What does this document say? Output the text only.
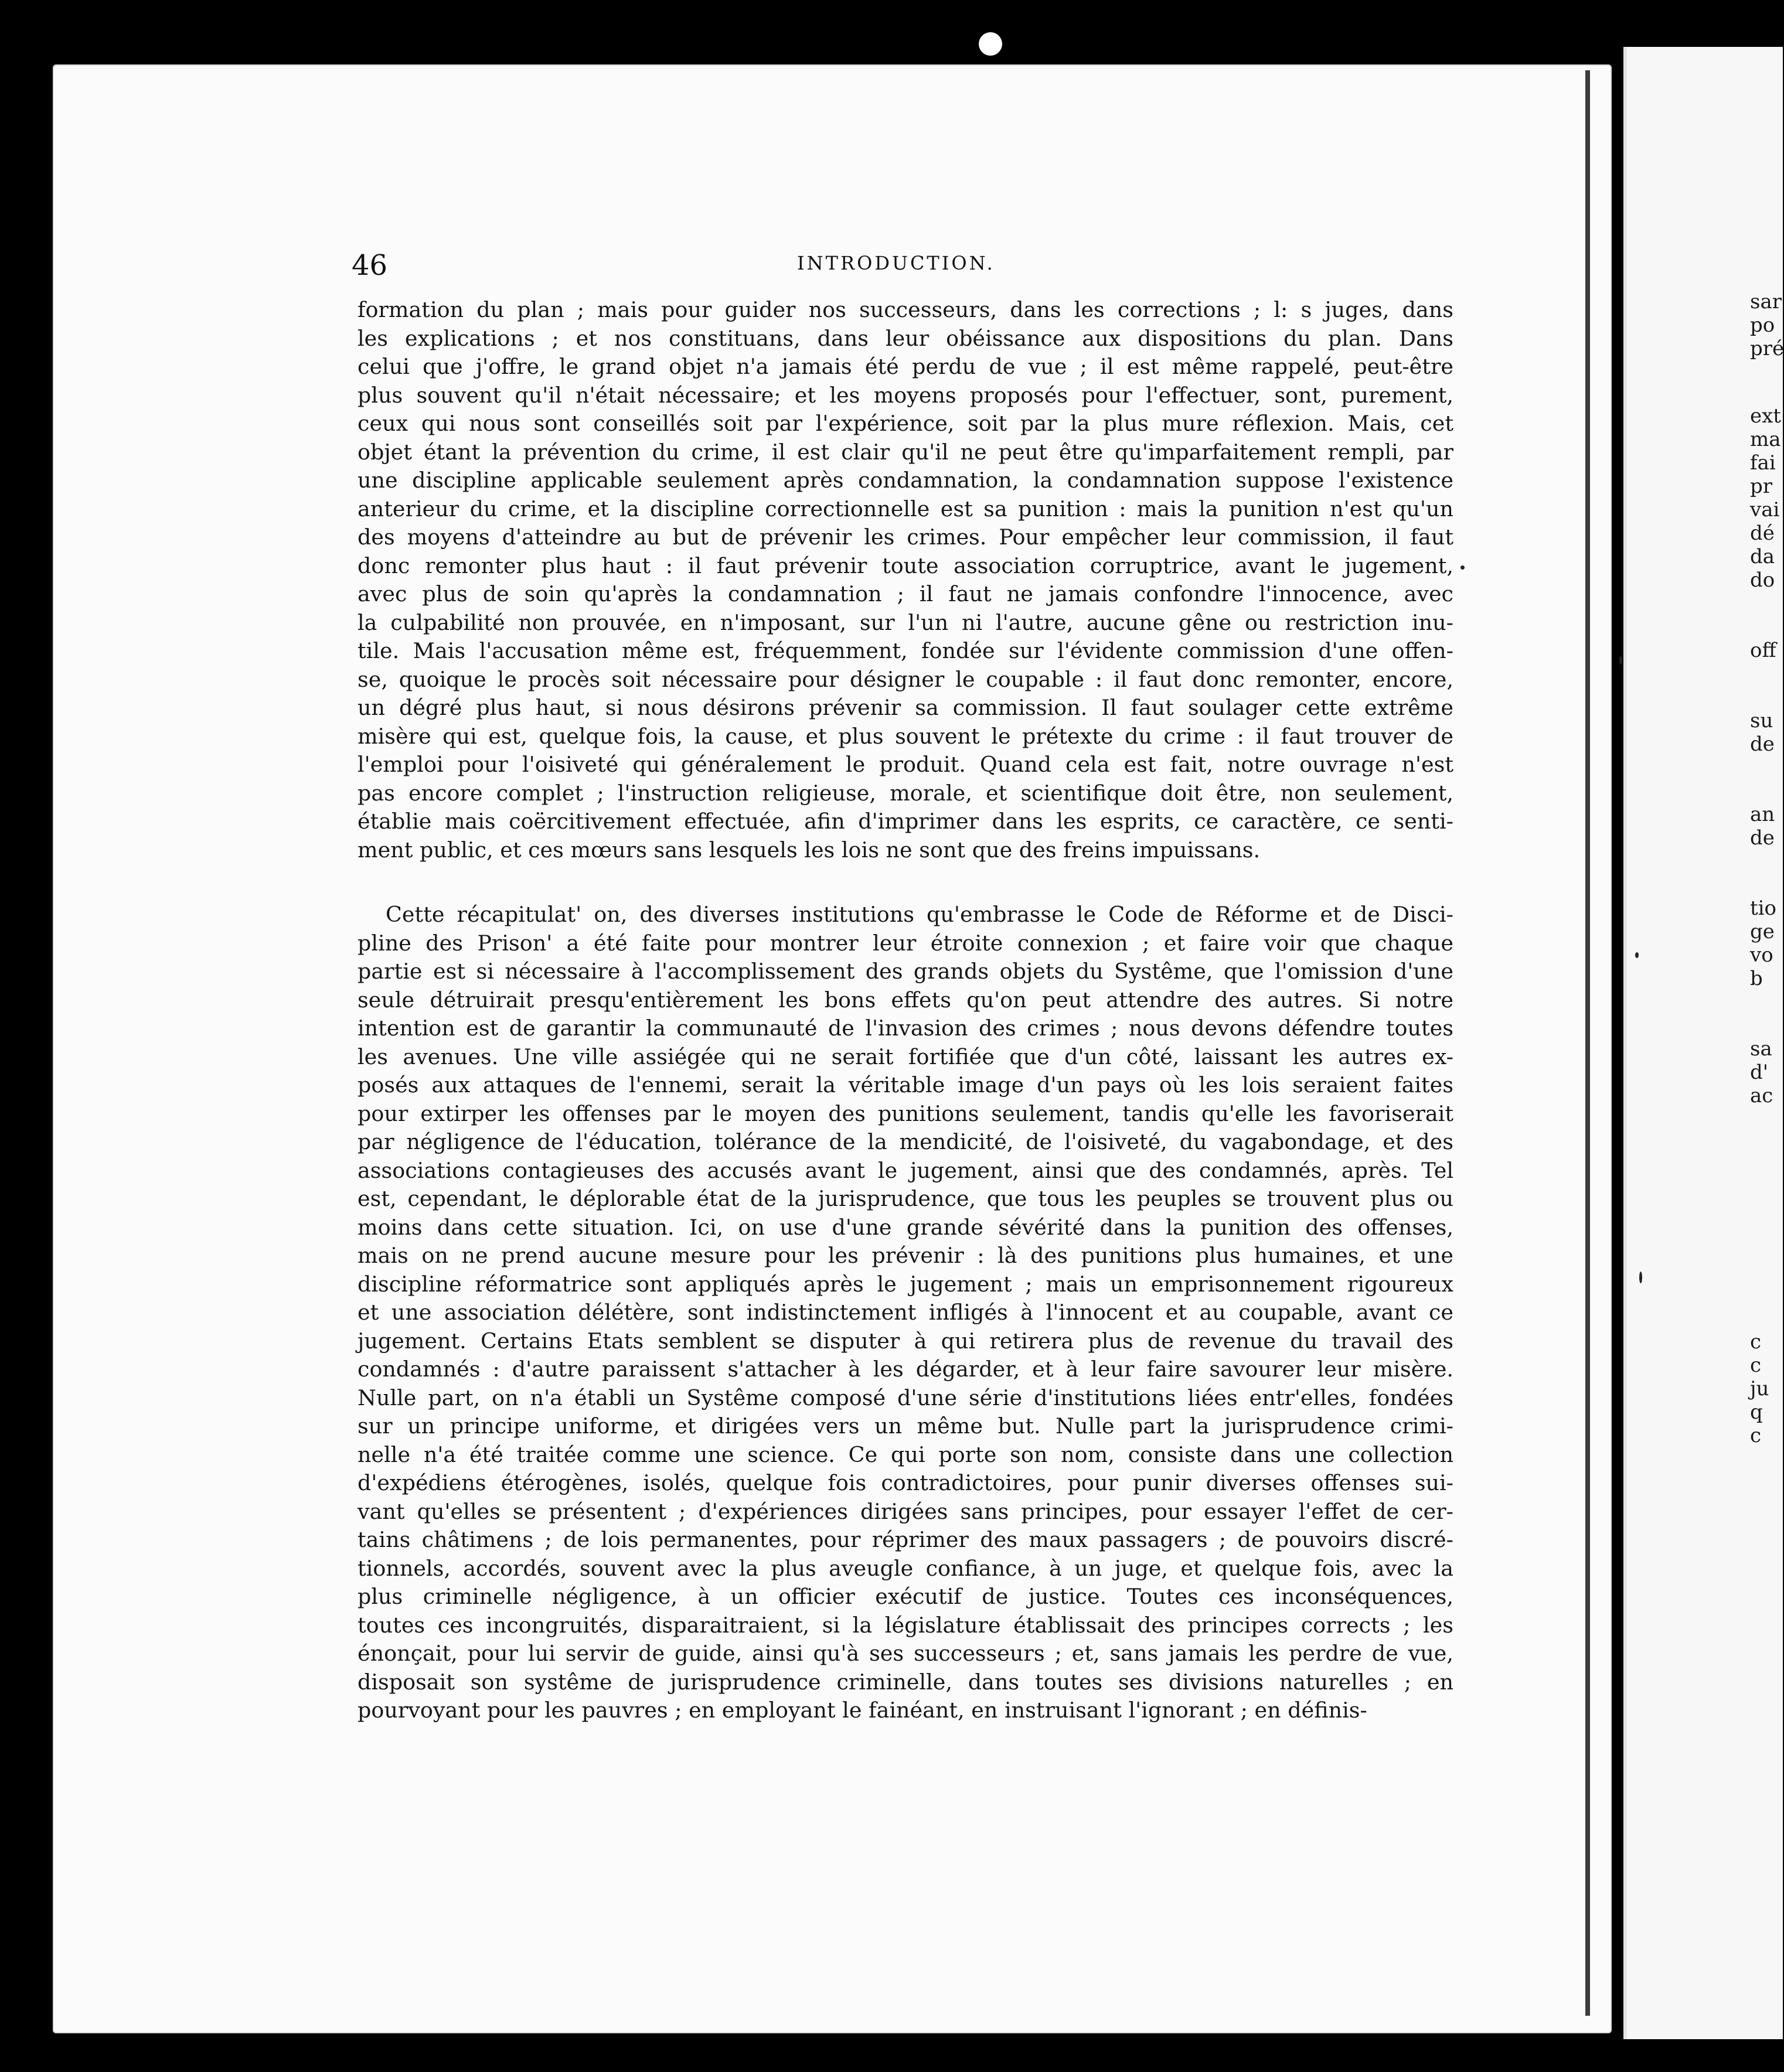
sar
po
pré
ext
ma
fai
pr
vai
dé
da
do
off
su
de
an
de
tio
ge
vo
b
sa
d'
ac
c
c
ju
q
c
46	INTRODUCTION.

formation du plan ; mais pour guider nos successeurs, dans les corrections ; l: s juges, dans
les explications ; et nos constituans, dans leur obéissance aux dispositions du plan. Dans
celui que j'offre, le grand objet n'a jamais été perdu de vue ; il est même rappelé, peut-être
plus souvent qu'il n'était nécessaire; et les moyens proposés pour l'effectuer, sont, purement,
ceux qui nous sont conseillés soit par l'expérience, soit par la plus mure réflexion. Mais, cet
objet étant la prévention du crime, il est clair qu'il ne peut être qu'imparfaitement rempli, par
une discipline applicable seulement après condamnation, la condamnation suppose l'existence
anterieur du crime, et la discipline correctionnelle est sa punition : mais la punition n'est qu'un
des moyens d'atteindre au but de prévenir les crimes. Pour empêcher leur commission, il faut
donc remonter plus haut : il faut prévenir toute association corruptrice, avant le jugement,
avec plus de soin qu'après la condamnation ; il faut ne jamais confondre l'innocence, avec
la culpabilité non prouvée, en n'imposant, sur l'un ni l'autre, aucune gêne ou restriction inu-
tile. Mais l'accusation même est, fréquemment, fondée sur l'évidente commission d'une offen-
se, quoique le procès soit nécessaire pour désigner le coupable : il faut donc remonter, encore,
un dégré plus haut, si nous désirons prévenir sa commission. Il faut soulager cette extrême
misère qui est, quelque fois, la cause, et plus souvent le prétexte du crime : il faut trouver de
l'emploi pour l'oisiveté qui généralement le produit. Quand cela est fait, notre ouvrage n'est
pas encore complet ; l'instruction religieuse, morale, et scientifique doit être, non seulement,
établie mais coërcitivement effectuée, afin d'imprimer dans les esprits, ce caractère, ce senti-
ment public, et ces mœurs sans lesquels les lois ne sont que des freins impuissans.

Cette récapitulat' on, des diverses institutions qu'embrasse le Code de Réforme et de Disci-
pline des Prison' a été faite pour montrer leur étroite connexion ; et faire voir que chaque
partie est si nécessaire à l'accomplissement des grands objets du Systême, que l'omission d'une
seule détruirait presqu'entièrement les bons effets qu'on peut attendre des autres. Si notre
intention est de garantir la communauté de l'invasion des crimes ; nous devons défendre toutes
les avenues. Une ville assiégée qui ne serait fortifiée que d'un côté, laissant les autres ex-
posés aux attaques de l'ennemi, serait la véritable image d'un pays où les lois seraient faites
pour extirper les offenses par le moyen des punitions seulement, tandis qu'elle les favoriserait
par négligence de l'éducation, tolérance de la mendicité, de l'oisiveté, du vagabondage, et des
associations contagieuses des accusés avant le jugement, ainsi que des condamnés, après. Tel
est, cependant, le déplorable état de la jurisprudence, que tous les peuples se trouvent plus ou
moins dans cette situation. Ici, on use d'une grande sévérité dans la punition des offenses,
mais on ne prend aucune mesure pour les prévenir : là des punitions plus humaines, et une
discipline réformatrice sont appliqués après le jugement ; mais un emprisonnement rigoureux
et une association délétère, sont indistinctement infligés à l'innocent et au coupable, avant ce
jugement. Certains Etats semblent se disputer à qui retirera plus de revenue du travail des
condamnés : d'autre paraissent s'attacher à les dégarder, et à leur faire savourer leur misère.
Nulle part, on n'a établi un Systême composé d'une série d'institutions liées entr'elles, fondées
sur un principe uniforme, et dirigées vers un même but. Nulle part la jurisprudence crimi-
nelle n'a été traitée comme une science. Ce qui porte son nom, consiste dans une collection
d'expédiens étérogènes, isolés, quelque fois contradictoires, pour punir diverses offenses sui-
vant qu'elles se présentent ; d'expériences dirigées sans principes, pour essayer l'effet de cer-
tains châtimens ; de lois permanentes, pour réprimer des maux passagers ; de pouvoirs discré-
tionnels, accordés, souvent avec la plus aveugle confiance, à un juge, et quelque fois, avec la
plus criminelle négligence, à un officier exécutif de justice. Toutes ces inconséquences,
toutes ces incongruités, disparaitraient, si la législature établissait des principes corrects ; les
énonçait, pour lui servir de guide, ainsi qu'à ses successeurs ; et, sans jamais les perdre de vue,
disposait son systême de jurisprudence criminelle, dans toutes ses divisions naturelles ; en
pourvoyant pour les pauvres ; en employant le fainéant, en instruisant l'ignorant ; en définis-
